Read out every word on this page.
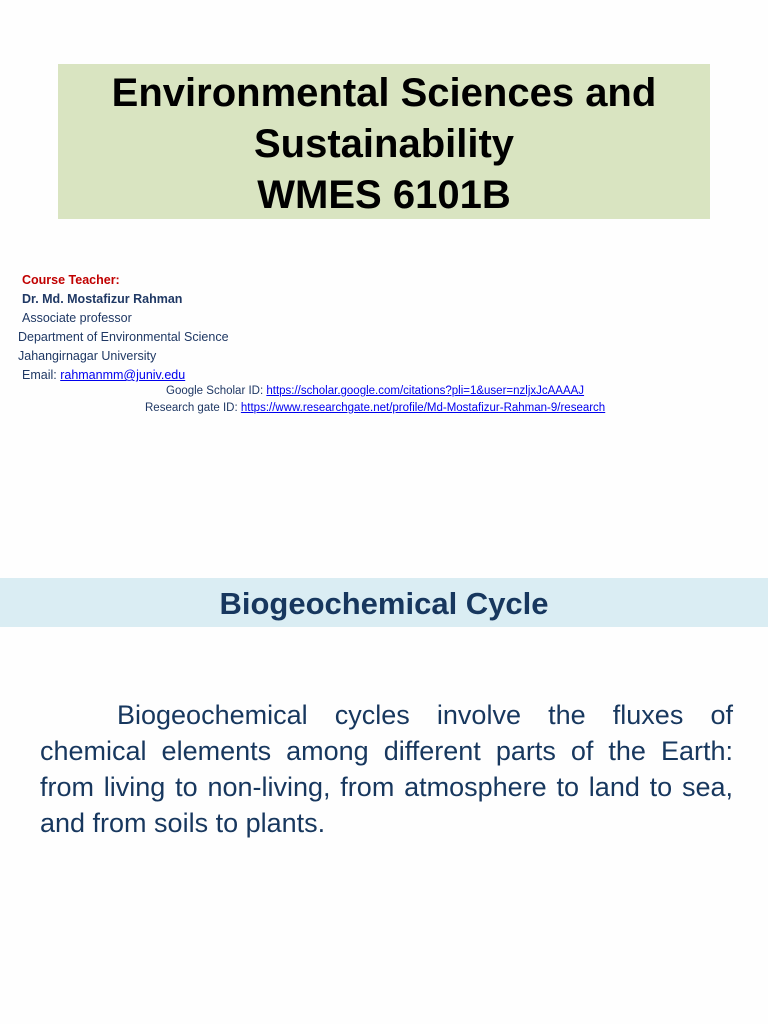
Environmental Sciences and
Sustainability
WMES 6101B
Course Teacher:
Dr. Md. Mostafizur Rahman
Associate professor
Department of Environmental Science
Jahangirnagar University
Email: rahmanmm@juniv.edu
Google Scholar ID: https://scholar.google.com/citations?pli=1&user=nzljxJcAAAAJ
Research gate ID: https://www.researchgate.net/profile/Md-Mostafizur-Rahman-9/research
Biogeochemical Cycle

Biogeochemical cycles involve the fluxes of chemical elements among different parts of the Earth: from living to non-living, from atmosphere to land to sea, and from soils to plants.
